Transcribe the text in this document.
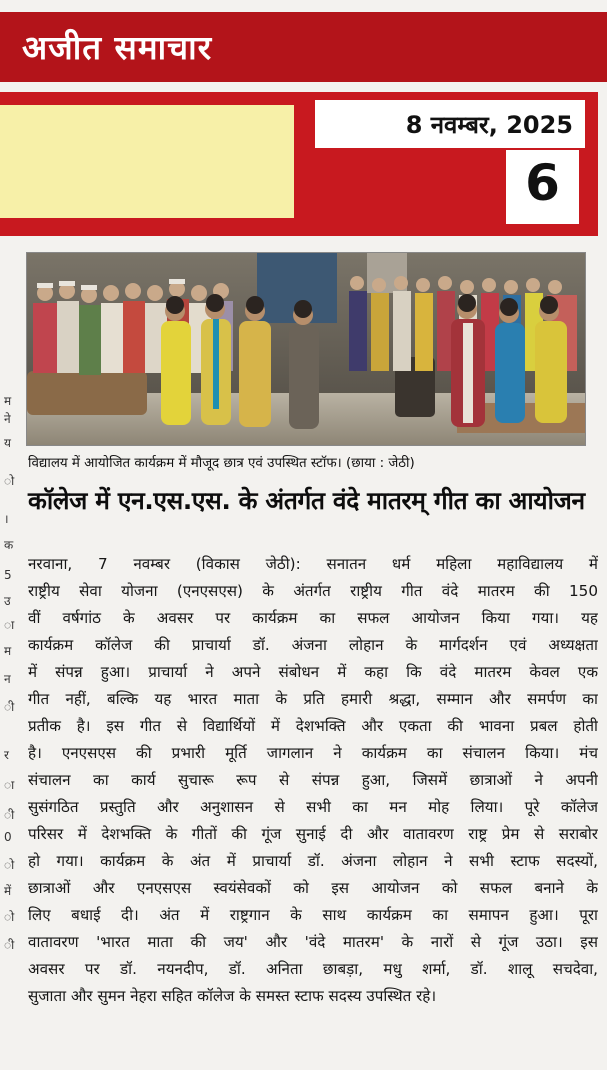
अजीत समाचार
8 नवम्बर, 2025
6
म
ने
य
ो
।
क
5
उ
ा
म
न
ी
र
ा
ी
0
ो
में
ो
ी
विद्यालय में आयोजित कार्यक्रम में मौजूद छात्र एवं उपस्थित स्टॉफ। (छाया : जेठी)
कॉलेज में एन.एस.एस. के अंतर्गत वंदे मातरम् गीत का आयोजन
नरवाना, 7 नवम्बर (विकास जेठी): सनातन धर्म महिला महाविद्यालय में
राष्ट्रीय सेवा योजना (एनएसएस) के अंतर्गत राष्ट्रीय गीत वंदे मातरम की 150
वीं वर्षगांठ के अवसर पर कार्यक्रम का सफल आयोजन किया गया। यह
कार्यक्रम कॉलेज की प्राचार्या डॉ. अंजना लोहान के मार्गदर्शन एवं अध्यक्षता
में संपन्न हुआ। प्राचार्या ने अपने संबोधन में कहा कि वंदे मातरम केवल एक
गीत नहीं, बल्कि यह भारत माता के प्रति हमारी श्रद्धा, सम्मान और समर्पण का
प्रतीक है। इस गीत से विद्यार्थियों में देशभक्ति और एकता की भावना प्रबल होती
है। एनएसएस की प्रभारी मूर्ति जागलान ने कार्यक्रम का संचालन किया। मंच
संचालन का कार्य सुचारू रूप से संपन्न हुआ, जिसमें छात्राओं ने अपनी
सुसंगठित प्रस्तुति और अनुशासन से सभी का मन मोह लिया। पूरे कॉलेज
परिसर में देशभक्ति के गीतों की गूंज सुनाई दी और वातावरण राष्ट्र प्रेम से सराबोर
हो गया। कार्यक्रम के अंत में प्राचार्या डॉ. अंजना लोहान ने सभी स्टाफ सदस्यों,
छात्राओं और एनएसएस स्वयंसेवकों को इस आयोजन को सफल बनाने के
लिए बधाई दी। अंत में राष्ट्रगान के साथ कार्यक्रम का समापन हुआ। पूरा
वातावरण 'भारत माता की जय' और 'वंदे मातरम' के नारों से गूंज उठा। इस
अवसर पर डॉ. नयनदीप, डॉ. अनिता छाबड़ा, मधु शर्मा, डॉ. शालू सचदेवा,
सुजाता और सुमन नेहरा सहित कॉलेज के समस्त स्टाफ सदस्य उपस्थित रहे।
